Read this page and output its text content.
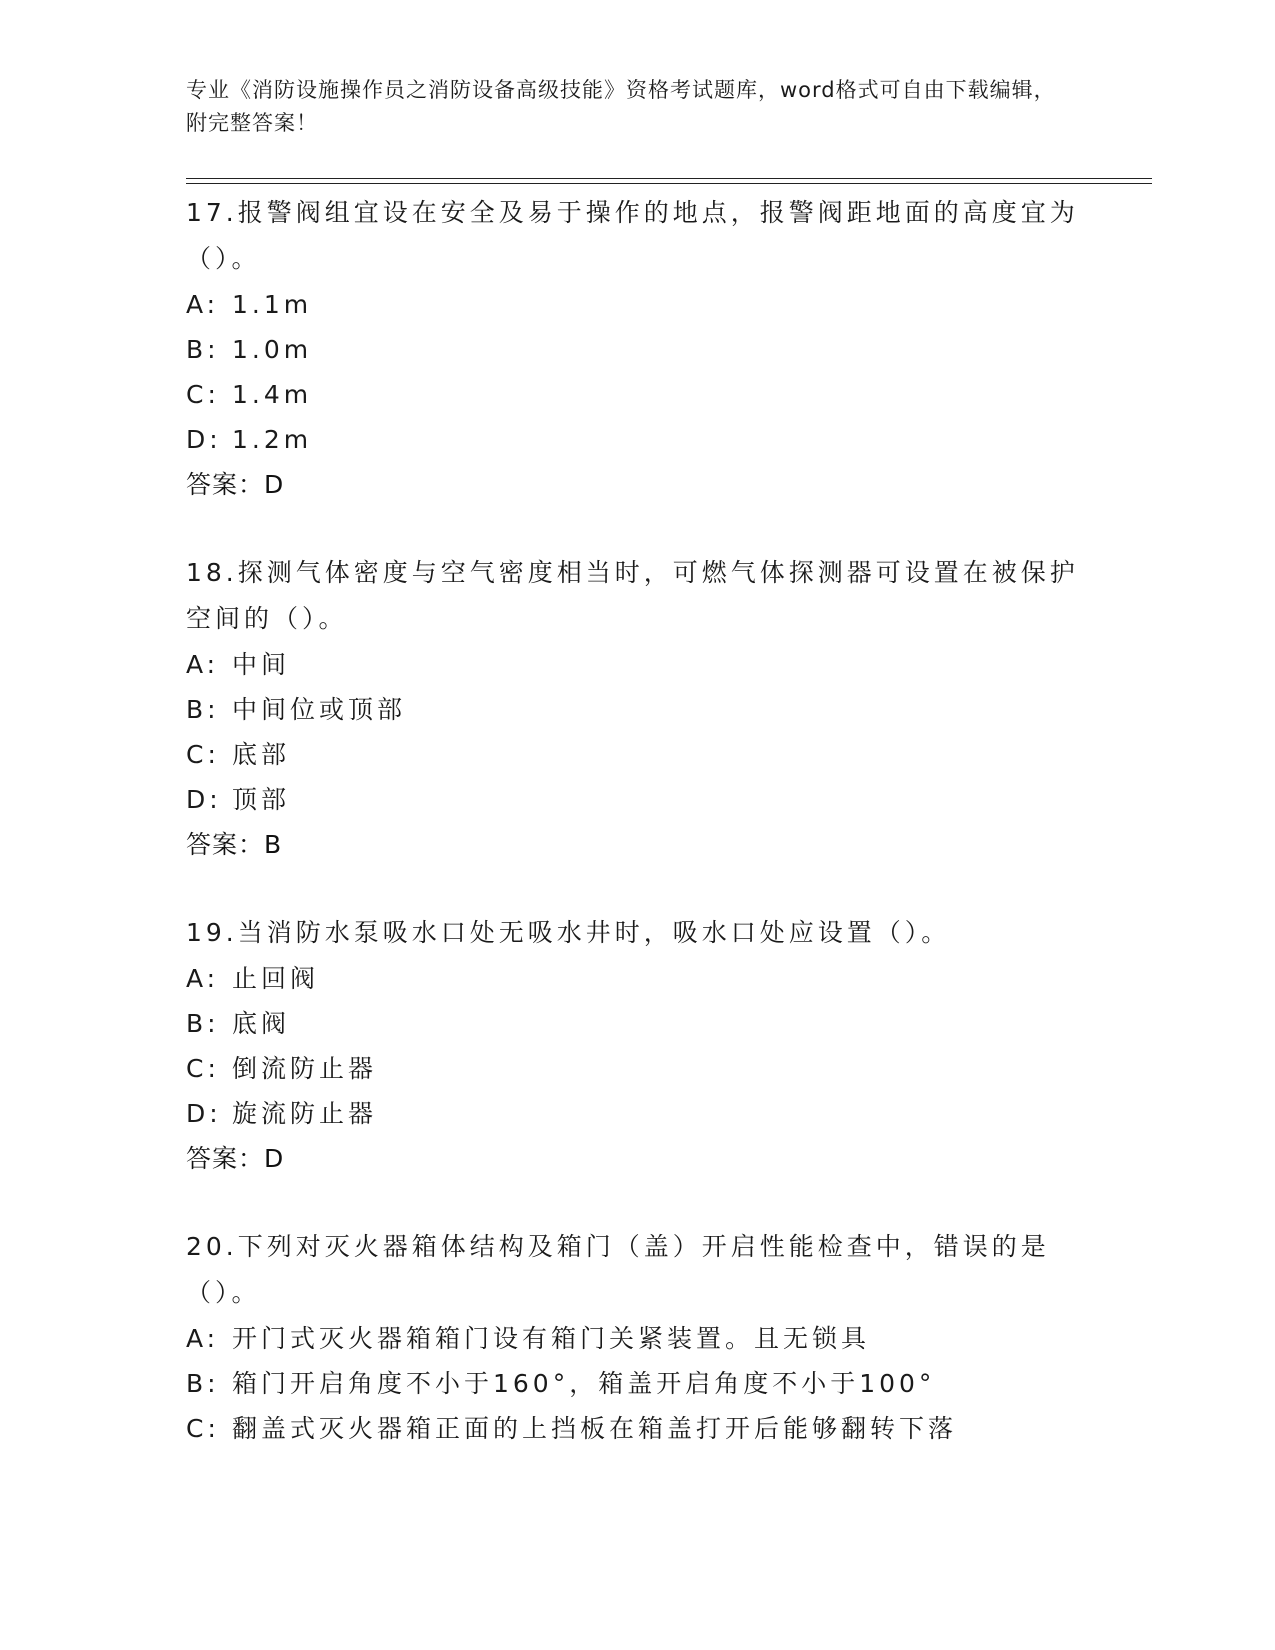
专业《消防设施操作员之消防设备高级技能》资格考试题库，word格式可自由下载编辑，附完整答案！
17.报警阀组宜设在安全及易于操作的地点，报警阀距地面的高度宜为（）。
A: 1.1m
B: 1.0m
C: 1.4m
D: 1.2m
答案：D
18.探测气体密度与空气密度相当时，可燃气体探测器可设置在被保护空间的（）。
A: 中间
B: 中间位或顶部
C: 底部
D: 顶部
答案：B
19.当消防水泵吸水口处无吸水井时，吸水口处应设置（）。
A: 止回阀
B: 底阀
C: 倒流防止器
D: 旋流防止器
答案：D
20.下列对灭火器箱体结构及箱门（盖）开启性能检查中，错误的是（）。
A: 开门式灭火器箱箱门设有箱门关紧装置。且无锁具
B: 箱门开启角度不小于160°，箱盖开启角度不小于100°
C: 翻盖式灭火器箱正面的上挡板在箱盖打开后能够翻转下落
